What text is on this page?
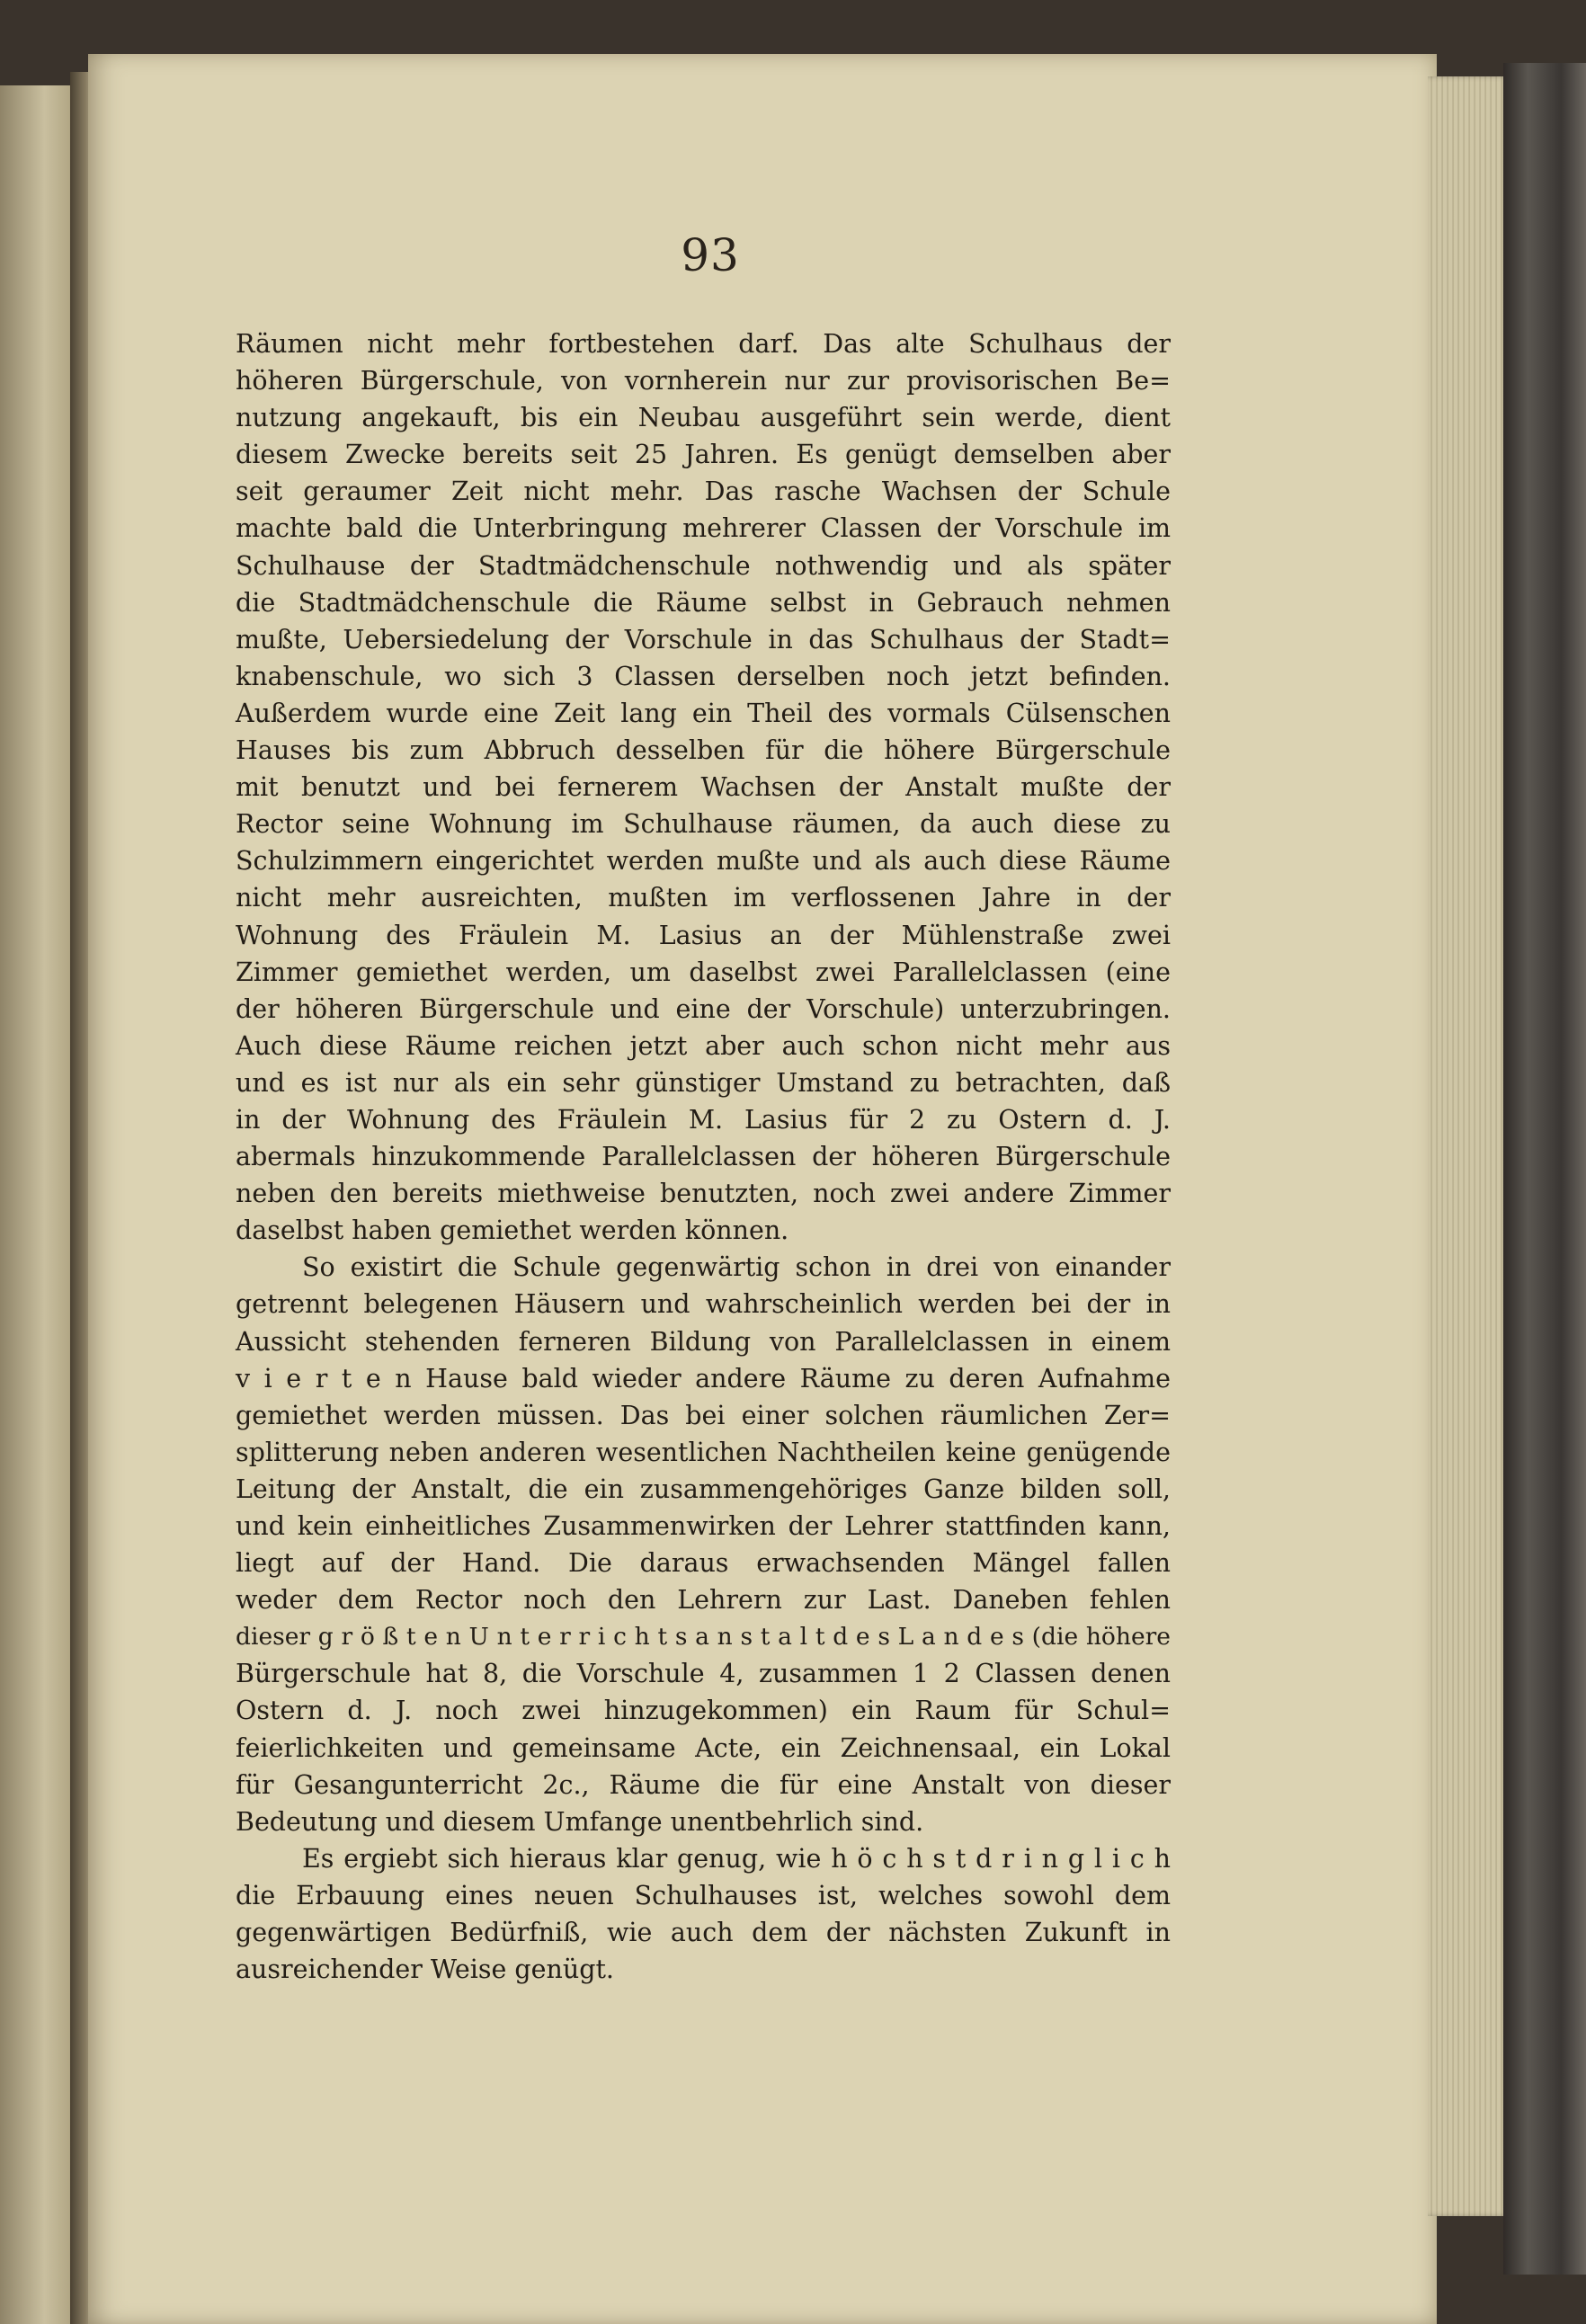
93
Räumen nicht mehr fortbestehen darf. Das alte Schulhaus der
höheren Bürgerschule, von vornherein nur zur provisorischen Be=
nutzung angekauft, bis ein Neubau ausgeführt sein werde, dient
diesem Zwecke bereits seit 25 Jahren. Es genügt demselben aber
seit geraumer Zeit nicht mehr. Das rasche Wachsen der Schule
machte bald die Unterbringung mehrerer Classen der Vorschule im
Schulhause der Stadtmädchenschule nothwendig und als später
die Stadtmädchenschule die Räume selbst in Gebrauch nehmen
mußte, Uebersiedelung der Vorschule in das Schulhaus der Stadt=
knabenschule, wo sich 3 Classen derselben noch jetzt befinden.
Außerdem wurde eine Zeit lang ein Theil des vormals Cülsenschen
Hauses bis zum Abbruch desselben für die höhere Bürgerschule
mit benutzt und bei fernerem Wachsen der Anstalt mußte der
Rector seine Wohnung im Schulhause räumen, da auch diese zu
Schulzimmern eingerichtet werden mußte und als auch diese Räume
nicht mehr ausreichten, mußten im verflossenen Jahre in der
Wohnung des Fräulein M. Lasius an der Mühlenstraße zwei
Zimmer gemiethet werden, um daselbst zwei Parallelclassen (eine
der höheren Bürgerschule und eine der Vorschule) unterzubringen.
Auch diese Räume reichen jetzt aber auch schon nicht mehr aus
und es ist nur als ein sehr günstiger Umstand zu betrachten, daß
in der Wohnung des Fräulein M. Lasius für 2 zu Ostern d. J.
abermals hinzukommende Parallelclassen der höheren Bürgerschule
neben den bereits miethweise benutzten, noch zwei andere Zimmer
daselbst haben gemiethet werden können.
So existirt die Schule gegenwärtig schon in drei von einander
getrennt belegenen Häusern und wahrscheinlich werden bei der in
Aussicht stehenden ferneren Bildung von Parallelclassen in einem
v i e r t e n Hause bald wieder andere Räume zu deren Aufnahme
gemiethet werden müssen. Das bei einer solchen räumlichen Zer=
splitterung neben anderen wesentlichen Nachtheilen keine genügende
Leitung der Anstalt, die ein zusammengehöriges Ganze bilden soll,
und kein einheitliches Zusammenwirken der Lehrer stattfinden kann,
liegt auf der Hand. Die daraus erwachsenden Mängel fallen
weder dem Rector noch den Lehrern zur Last. Daneben fehlen
dieser g r ö ß t e n U n t e r r i c h t s a n s t a l t d e s L a n d e s (die höhere
Bürgerschule hat 8, die Vorschule 4, zusammen 1 2 Classen denen
Ostern d. J. noch zwei hinzugekommen) ein Raum für Schul=
feierlichkeiten und gemeinsame Acte, ein Zeichnensaal, ein Lokal
für Gesangunterricht 2c., Räume die für eine Anstalt von dieser
Bedeutung und diesem Umfange unentbehrlich sind.
Es ergiebt sich hieraus klar genug, wie h ö c h s t d r i n g l i c h
die Erbauung eines neuen Schulhauses ist, welches sowohl dem
gegenwärtigen Bedürfniß, wie auch dem der nächsten Zukunft in
ausreichender Weise genügt.
